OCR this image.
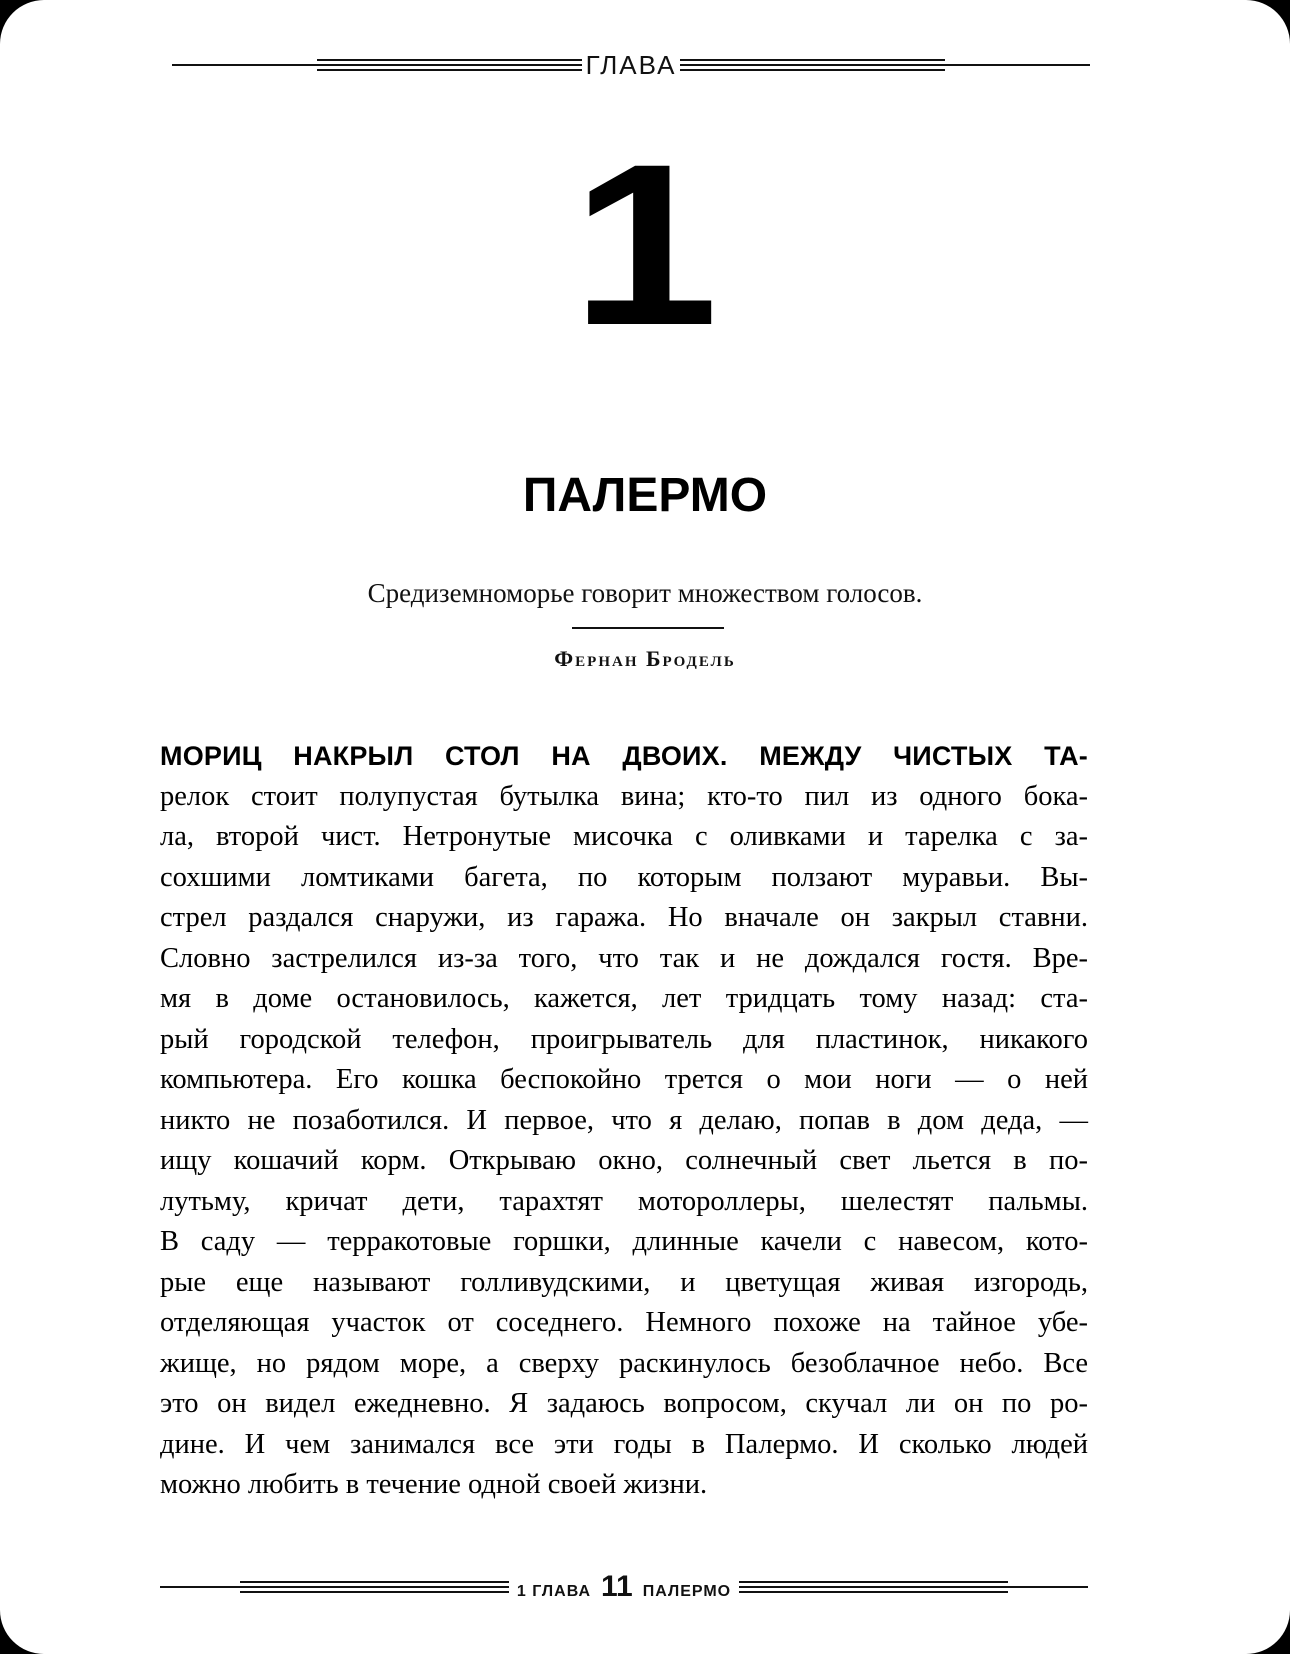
ГЛАВА
1
ПАЛЕРМО
Средиземноморье говорит множеством голосов.
Фернан Бродель
МОРИЦ НАКРЫЛ СТОЛ НА ДВОИХ. МЕЖДУ ЧИСТЫХ ТА-
релок стоит полупустая бутылка вина; кто-то пил из одного бока-
ла, второй чист. Нетронутые мисочка с оливками и тарелка с за-
сохшими ломтиками багета, по которым ползают муравьи. Вы-
стрел раздался снаружи, из гаража. Но вначале он закрыл ставни.
Словно застрелился из-за того, что так и не дождался гостя. Вре-
мя в доме остановилось, кажется, лет тридцать тому назад: ста-
рый городской телефон, проигрыватель для пластинок, никакого
компьютера. Его кошка беспокойно трется о мои ноги — о ней
никто не позаботился. И первое, что я делаю, попав в дом деда, —
ищу кошачий корм. Открываю окно, солнечный свет льется в по-
лутьму, кричат дети, тарахтят мотороллеры, шелестят пальмы.
В саду — терракотовые горшки, длинные качели с навесом, кото-
рые еще называют голливудскими, и цветущая живая изгородь,
отделяющая участок от соседнего. Немного похоже на тайное убе-
жище, но рядом море, а сверху раскинулось безоблачное небо. Все
это он видел ежедневно. Я задаюсь вопросом, скучал ли он по ро-
дине. И чем занимался все эти годы в Палермо. И сколько людей
можно любить в течение одной своей жизни.
1 ГЛАВА 11 ПАЛЕРМО
